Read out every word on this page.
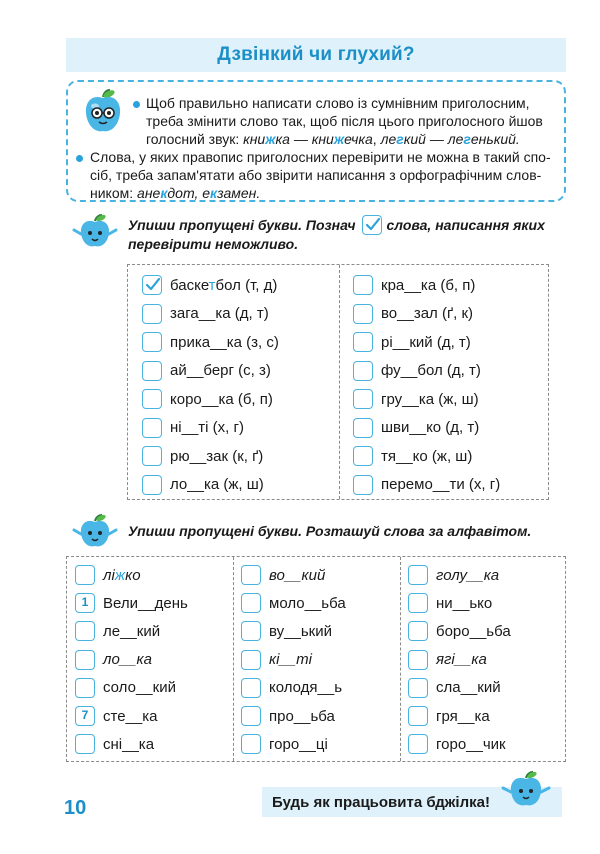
Дзвінкий чи глухий?
Щоб правильно написати слово із сумнівним приголосним,
треба змінити слово так, щоб після цього приголосного йшов
голосний звук: книжка — книжечка, легкий — легенький.
Слова, у яких правопис приголосних перевірити не можна в такий спо-
сіб, треба запам'ятати або звірити написання з орфографічним слов-
ником: анекдот, екзамен.
Упиши пропущені букви. Познач слова, написання яких
перевірити неможливо.
баскетбол (т, д)
зага__ка (д, т)
прика__ка (з, с)
ай__берг (с, з)
коро__ка (б, п)
ні__ті (х, г)
рю__зак (к, ґ)
ло__ка (ж, ш)
кра__ка (б, п)
во__зал (ґ, к)
рі__кий (д, т)
фу__бол (д, т)
гру__ка (ж, ш)
шви__ко (д, т)
тя__ко (ж, ш)
перемо__ти (х, г)
Упиши пропущені букви. Розташуй слова за алфавітом.
ліжко
1 Вели__день
ле__кий
ло__ка
соло__кий
7 сте__ка
сні__ка
во__кий
моло__ьба
ву__ький
кі__ті
колодя__ь
про__ьба
горо__ці
голу__ка
ни__ько
боро__ьба
ягі__ка
сла__кий
гря__ка
горо__чик
10	Будь як працьовита бджілка!
